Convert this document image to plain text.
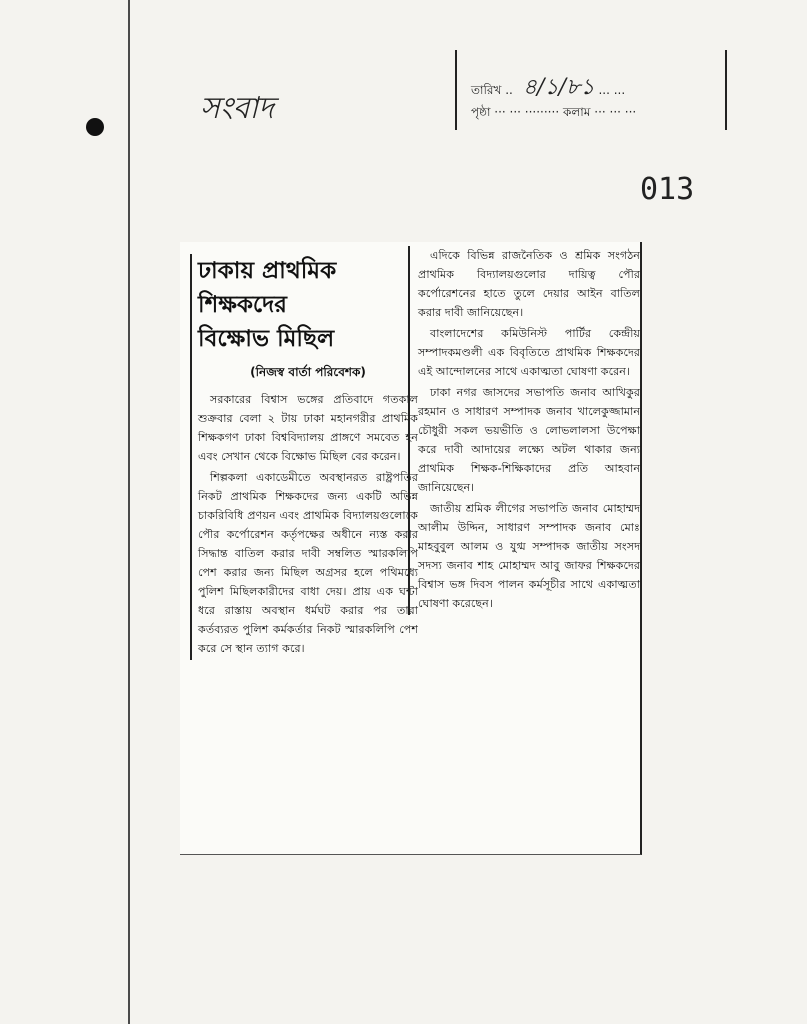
সংবাদ
তারিখ .. ৪/১/৮১ ... ...
পৃষ্ঠা ··· ··· ········· কলাম ··· ··· ···
013
ঢাকায় প্রাথমিক
শিক্ষকদের
বিক্ষোভ মিছিল
(নিজস্ব বার্তা পরিবেশক)

সরকারের বিশ্বাস ভঙ্গের প্রতিবাদে গতকাল শুক্রবার বেলা ২ টায় ঢাকা মহানগরীর প্রাথমিক শিক্ষকগণ ঢাকা বিশ্ববিদ্যালয় প্রাঙ্গণে সমবেত হন এবং সেখান থেকে বিক্ষোভ মিছিল বের করেন।

শিল্পকলা একাডেমীতে অবস্থানরত রাষ্ট্রপতির নিকট প্রাথমিক শিক্ষকদের জন্য একটি অভিন্ন চাকরিবিধি প্রণয়ন এবং প্রাথমিক বিদ্যালয়গুলোকে পৌর কর্পোরেশন কর্তৃপক্ষের অধীনে ন্যস্ত করার সিদ্ধান্ত বাতিল করার দাবী সম্বলিত স্মারকলিপি পেশ করার জন্য মিছিল অগ্রসর হলে পথিমধ্যে পুলিশ মিছিলকারীদের বাধা দেয়। প্রায় এক ঘন্টা ধরে রাস্তায় অবস্থান ধর্মঘট করার পর তারা কর্তব্যরত পুলিশ কর্মকর্তার নিকট স্মারকলিপি পেশ করে সে স্থান ত্যাগ করে।

এদিকে বিভিন্ন রাজনৈতিক ও শ্রমিক সংগঠন প্রাথমিক বিদ্যালয়গুলোর দায়িত্ব পৌর কর্পোরেশনের হাতে তুলে দেয়ার আইন বাতিল করার দাবী জানিয়েছেন।

বাংলাদেশের কমিউনিস্ট পার্টির কেন্দ্রীয় সম্পাদকমণ্ডলী এক বিবৃতিতে প্রাথমিক শিক্ষকদের এই আন্দোলনের সাথে একাত্মতা ঘোষণা করেন।

ঢাকা নগর জাসদের সভাপতি জনাব আখিকুর রহমান ও সাধারণ সম্পাদক জনাব খালেকুজ্জামান চৌধুরী সকল ভয়ভীতি ও লোভলালসা উপেক্ষা করে দাবী আদায়ের লক্ষ্যে অটল থাকার জন্য প্রাথমিক শিক্ষক-শিক্ষিকাদের প্রতি আহবান জানিয়েছেন।

জাতীয় শ্রমিক লীগের সভাপতি জনাব মোহাম্মদ আলীম উদ্দিন, সাধারণ সম্পাদক জনাব মোঃ মাহবুবুল আলম ও যুগ্ম সম্পাদক জাতীয় সংসদ সদস্য জনাব শাহ মোহাম্মদ আবু জাফর শিক্ষকদের বিশ্বাস ভঙ্গ দিবস পালন কর্মসূচীর সাথে একাত্মতা ঘোষণা করেছেন।
